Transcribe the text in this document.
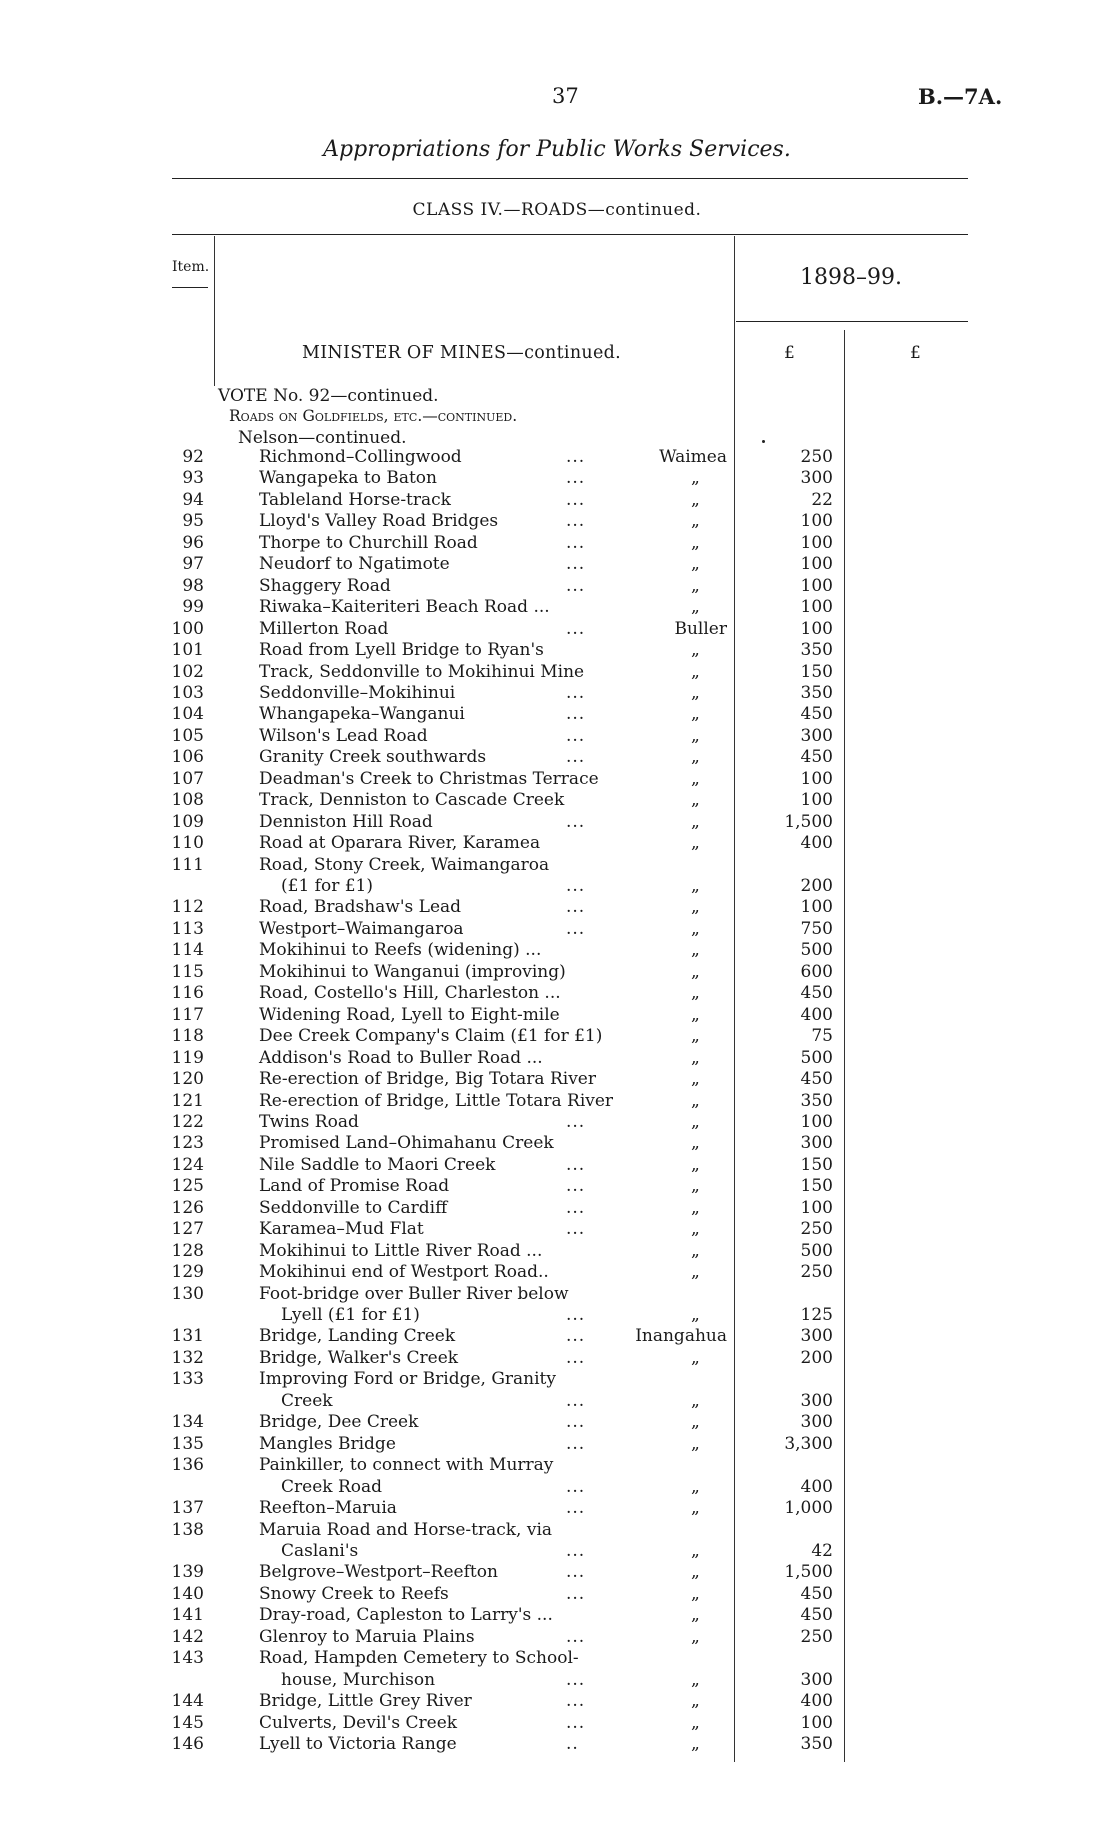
37	B.—7A.
Appropriations for Public Works Services.
CLASS IV.—ROADS—continued.
Item.	1898–99.
MINISTER OF MINES—continued.	£	£
VOTE No. 92—continued.
Roads on Goldfields, etc.—continued.
Nelson—continued.
92	Richmond–Collingwood	...	Waimea	250
93	Wangapeka to Baton	...	„	300
94	Tableland Horse-track	...	„	22
95	Lloyd's Valley Road Bridges	...	„	100
96	Thorpe to Churchill Road	...	„	100
97	Neudorf to Ngatimote	...	„	100
98	Shaggery Road	...	„	100
99	Riwaka–Kaiteriteri Beach Road ...	„	100
100	Millerton Road	...	Buller	100
101	Road from Lyell Bridge to Ryan's	„	350
102	Track, Seddonville to Mokihinui Mine	„	150
103	Seddonville–Mokihinui	...	„	350
104	Whangapeka–Wanganui	...	„	450
105	Wilson's Lead Road	...	„	300
106	Granity Creek southwards	...	„	450
107	Deadman's Creek to Christmas Terrace	„	100
108	Track, Denniston to Cascade Creek	„	100
109	Denniston Hill Road	...	„	1,500
110	Road at Oparara River, Karamea	„	400
111	Road, Stony Creek, Waimangaroa
(£1 for £1)	...	„	200
112	Road, Bradshaw's Lead	...	„	100
113	Westport–Waimangaroa	...	„	750
114	Mokihinui to Reefs (widening) ...	„	500
115	Mokihinui to Wanganui (improving)	„	600
116	Road, Costello's Hill, Charleston ...	„	450
117	Widening Road, Lyell to Eight-mile	„	400
118	Dee Creek Company's Claim (£1 for £1)	„	75
119	Addison's Road to Buller Road ...	„	500
120	Re-erection of Bridge, Big Totara River	„	450
121	Re-erection of Bridge, Little Totara River	„	350
122	Twins Road	...	„	100
123	Promised Land–Ohimahanu Creek	„	300
124	Nile Saddle to Maori Creek	...	„	150
125	Land of Promise Road	...	„	150
126	Seddonville to Cardiff	...	„	100
127	Karamea–Mud Flat	...	„	250
128	Mokihinui to Little River Road ...	„	500
129	Mokihinui end of Westport Road..	„	250
130	Foot-bridge over Buller River below
Lyell (£1 for £1)	...	„	125
131	Bridge, Landing Creek	...	Inangahua	300
132	Bridge, Walker's Creek	...	„	200
133	Improving Ford or Bridge, Granity
Creek	...	„	300
134	Bridge, Dee Creek	...	„	300
135	Mangles Bridge	...	„	3,300
136	Painkiller, to connect with Murray
Creek Road	...	„	400
137	Reefton–Maruia	...	„	1,000
138	Maruia Road and Horse-track, via
Caslani's	...	„	42
139	Belgrove–Westport–Reefton	...	„	1,500
140	Snowy Creek to Reefs	...	„	450
141	Dray-road, Capleston to Larry's ...	„	450
142	Glenroy to Maruia Plains	...	„	250
143	Road, Hampden Cemetery to School-
house, Murchison	...	„	300
144	Bridge, Little Grey River	...	„	400
145	Culverts, Devil's Creek	...	„	100
146	Lyell to Victoria Range	..	„	350
